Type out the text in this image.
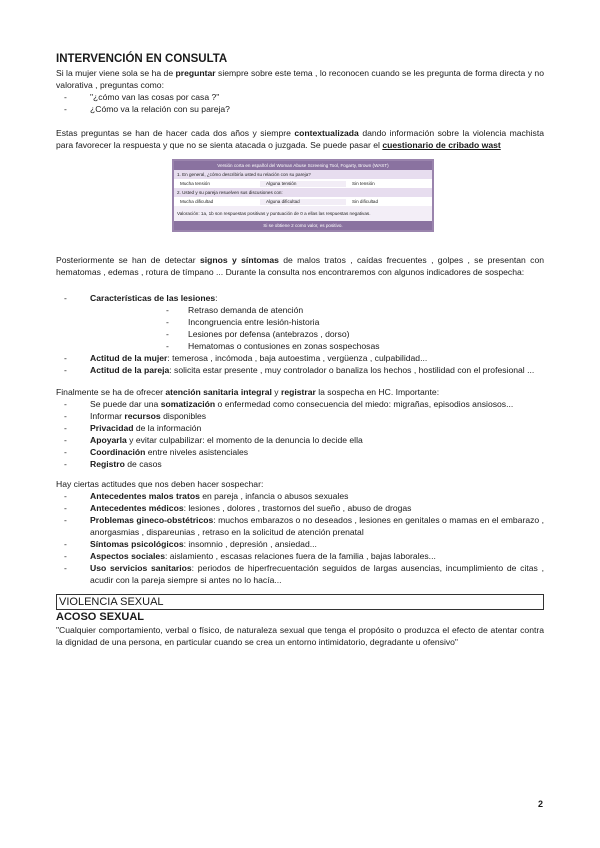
INTERVENCIÓN EN CONSULTA

Si la mujer viene sola se ha de preguntar siempre sobre este tema , lo reconocen cuando se les pregunta de forma directa y no valorativa , preguntas como:

- "¿cómo van las cosas por casa ?"
- ¿Cómo va la relación con su pareja?

Estas preguntas se han de hacer cada dos años y siempre contextualizada dando información sobre la violencia machista para favorecer la respuesta y que no se sienta atacada o juzgada. Se puede pasar el cuestionario de cribado wast

Versión corta en español del Woman Abuse Screening Tool, Fogarty, Brown (WAST)
1. En general, ¿cómo describiría usted su relación con su pareja?
Mucha tensión	Alguna tensión	Sin tensión
2. Usted y su pareja resuelven sus discusiones con:
Mucha dificultad	Alguna dificultad	Sin dificultad
Valoración: 1a, 1b son respuestas positivas y puntuación de 0 a ellas las respuestas negativas.
Si se obtiene 2 como valor, es positivo.

Posteriormente se han de detectar signos y síntomas de malos tratos , caídas frecuentes , golpes , se presentan con hematomas , edemas , rotura de tímpano ... Durante la consulta nos encontraremos con algunos indicadores de sospecha:

- Características de las lesiones:
- Retraso demanda de atención
- Incongruencia entre lesión-historia
- Lesiones por defensa (antebrazos , dorso)
- Hematomas o contusiones en zonas sospechosas
- Actitud de la mujer: temerosa , incómoda , baja autoestima , vergüenza , culpabilidad...
- Actitud de la pareja: solicita estar presente , muy controlador o banaliza los hechos , hostilidad con el profesional ...

Finalmente se ha de ofrecer atención sanitaria integral y registrar la sospecha en HC. Importante:

- Se puede dar una somatización o enfermedad como consecuencia del miedo: migrañas, episodios ansiosos...
- Informar recursos disponibles
- Privacidad de la información
- Apoyarla y evitar culpabilizar: el momento de la denuncia lo decide ella
- Coordinación entre niveles asistenciales
- Registro de casos

Hay ciertas actitudes que nos deben hacer sospechar:

- Antecedentes malos tratos en pareja , infancia o abusos sexuales
- Antecedentes médicos: lesiones , dolores , trastornos del sueño , abuso de drogas
- Problemas gineco-obstétricos: muchos embarazos o no deseados , lesiones en genitales o mamas en el embarazo , anorgasmias , dispareunias , retraso en la solicitud de atención prenatal
- Síntomas psicológicos: insomnio , depresión , ansiedad...
- Aspectos sociales: aislamiento , escasas relaciones fuera de la familia , bajas laborales...
- Uso servicios sanitarios: periodos de hiperfrecuentación seguidos de largas ausencias, incumplimiento de citas , acudir con la pareja siempre si antes no lo hacía...
VIOLENCIA SEXUAL
ACOSO SEXUAL

"Cualquier comportamiento, verbal o físico, de naturaleza sexual que tenga el propósito o produzca el efecto de atentar contra la dignidad de una persona, en particular cuando se crea un entorno intimidatorio, degradante u ofensivo"

2
